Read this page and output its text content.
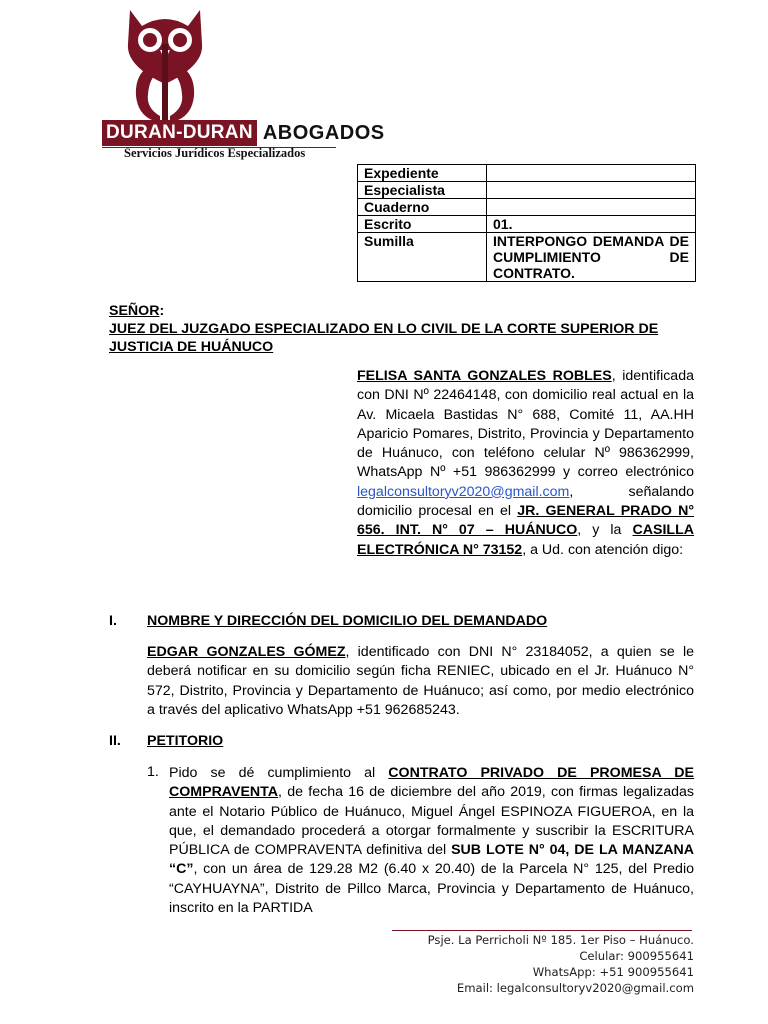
DURAN-DURAN ABOGADOS
Servicios Jurídicos Especializados
Expediente	
Especialista	
Cuaderno	
Escrito	01.
Sumilla	INTERPONGO DEMANDA DE CUMPLIMIENTO DE CONTRATO.
SEÑOR:
JUEZ DEL JUZGADO ESPECIALIZADO EN LO CIVIL DE LA CORTE SUPERIOR DE JUSTICIA DE HUÁNUCO
FELISA SANTA GONZALES ROBLES, identificada con DNI Nº 22464148, con domicilio real actual en la Av. Micaela Bastidas N° 688, Comité 11, AA.HH Aparicio Pomares, Distrito, Provincia y Departamento de Huánuco, con teléfono celular Nº 986362999, WhatsApp Nº +51 986362999 y correo electrónico legalconsultoryv2020@gmail.com, señalando domicilio procesal en el JR. GENERAL PRADO N° 656. INT. N° 07 – HUÁNUCO, y la CASILLA ELECTRÓNICA N° 73152, a Ud. con atención digo:
I. NOMBRE Y DIRECCIÓN DEL DOMICILIO DEL DEMANDADO
EDGAR GONZALES GÓMEZ, identificado con DNI N° 23184052, a quien se le deberá notificar en su domicilio según ficha RENIEC, ubicado en el Jr. Huánuco N° 572, Distrito, Provincia y Departamento de Huánuco; así como, por medio electrónico a través del aplicativo WhatsApp +51 962685243.
II. PETITORIO
1. Pido se dé cumplimiento al CONTRATO PRIVADO DE PROMESA DE COMPRAVENTA, de fecha 16 de diciembre del año 2019, con firmas legalizadas ante el Notario Público de Huánuco, Miguel Ángel ESPINOZA FIGUEROA, en la que, el demandado procederá a otorgar formalmente y suscribir la ESCRITURA PÚBLICA de COMPRAVENTA definitiva del SUB LOTE N° 04, DE LA MANZANA “C”, con un área de 129.28 M2 (6.40 x 20.40) de la Parcela N° 125, del Predio “CAYHUAYNA”, Distrito de Pillco Marca, Provincia y Departamento de Huánuco, inscrito en la PARTIDA
Psje. La Perricholi Nº 185. 1er Piso – Huánuco.
Celular: 900955641
WhatsApp: +51 900955641
Email: legalconsultoryv2020@gmail.com
